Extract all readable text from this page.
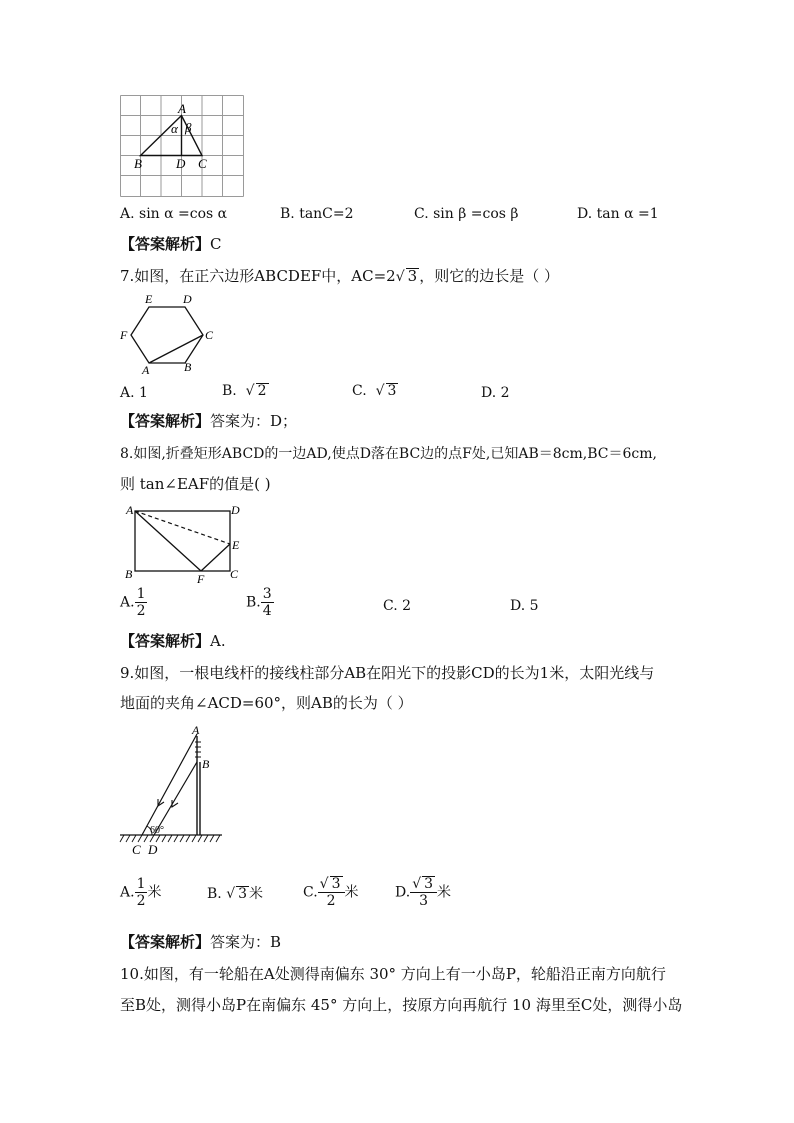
A
α β
B	D C
A. sin α =cos α	B. tanC=2	C. sin β =cos β	D. tan α =1
【答案解析】C
7.如图，在正六边形ABCDEF中，AC=2√ 3 ，则它的边长是（ ）
E	D
F	C
A	B
A. 1	B. √ 2	C. √ 3	D. 2
【答案解析】答案为：D；
8.如图,折叠矩形ABCD的一边AD,使点D落在BC边的点F处,已知AB＝8cm,BC＝6cm,
则 tan∠EAF的值是( )
A	D
E
B	F C
A. $\frac{1}{2}$	B. $\frac{3}{4}$	C. 2	D. 5
【答案解析】A.
9.如图，一根电线杆的接线柱部分AB在阳光下的投影CD的长为1米，太阳光线与
地面的夹角∠ACD=60°，则AB的长为（ ）
60°
A
B
C D
A. $\frac{1}{2}$ 米	B. √ 3 米	C. $\frac{√ 3}{2}$ 米	D. $\frac{√ 3}{3}$ 米
【答案解析】答案为：B
10.如图，有一轮船在A处测得南偏东 30° 方向上有一小岛P，轮船沿正南方向航行
至B处，测得小岛P在南偏东 45° 方向上，按原方向再航行 10 海里至C处，测得小岛
